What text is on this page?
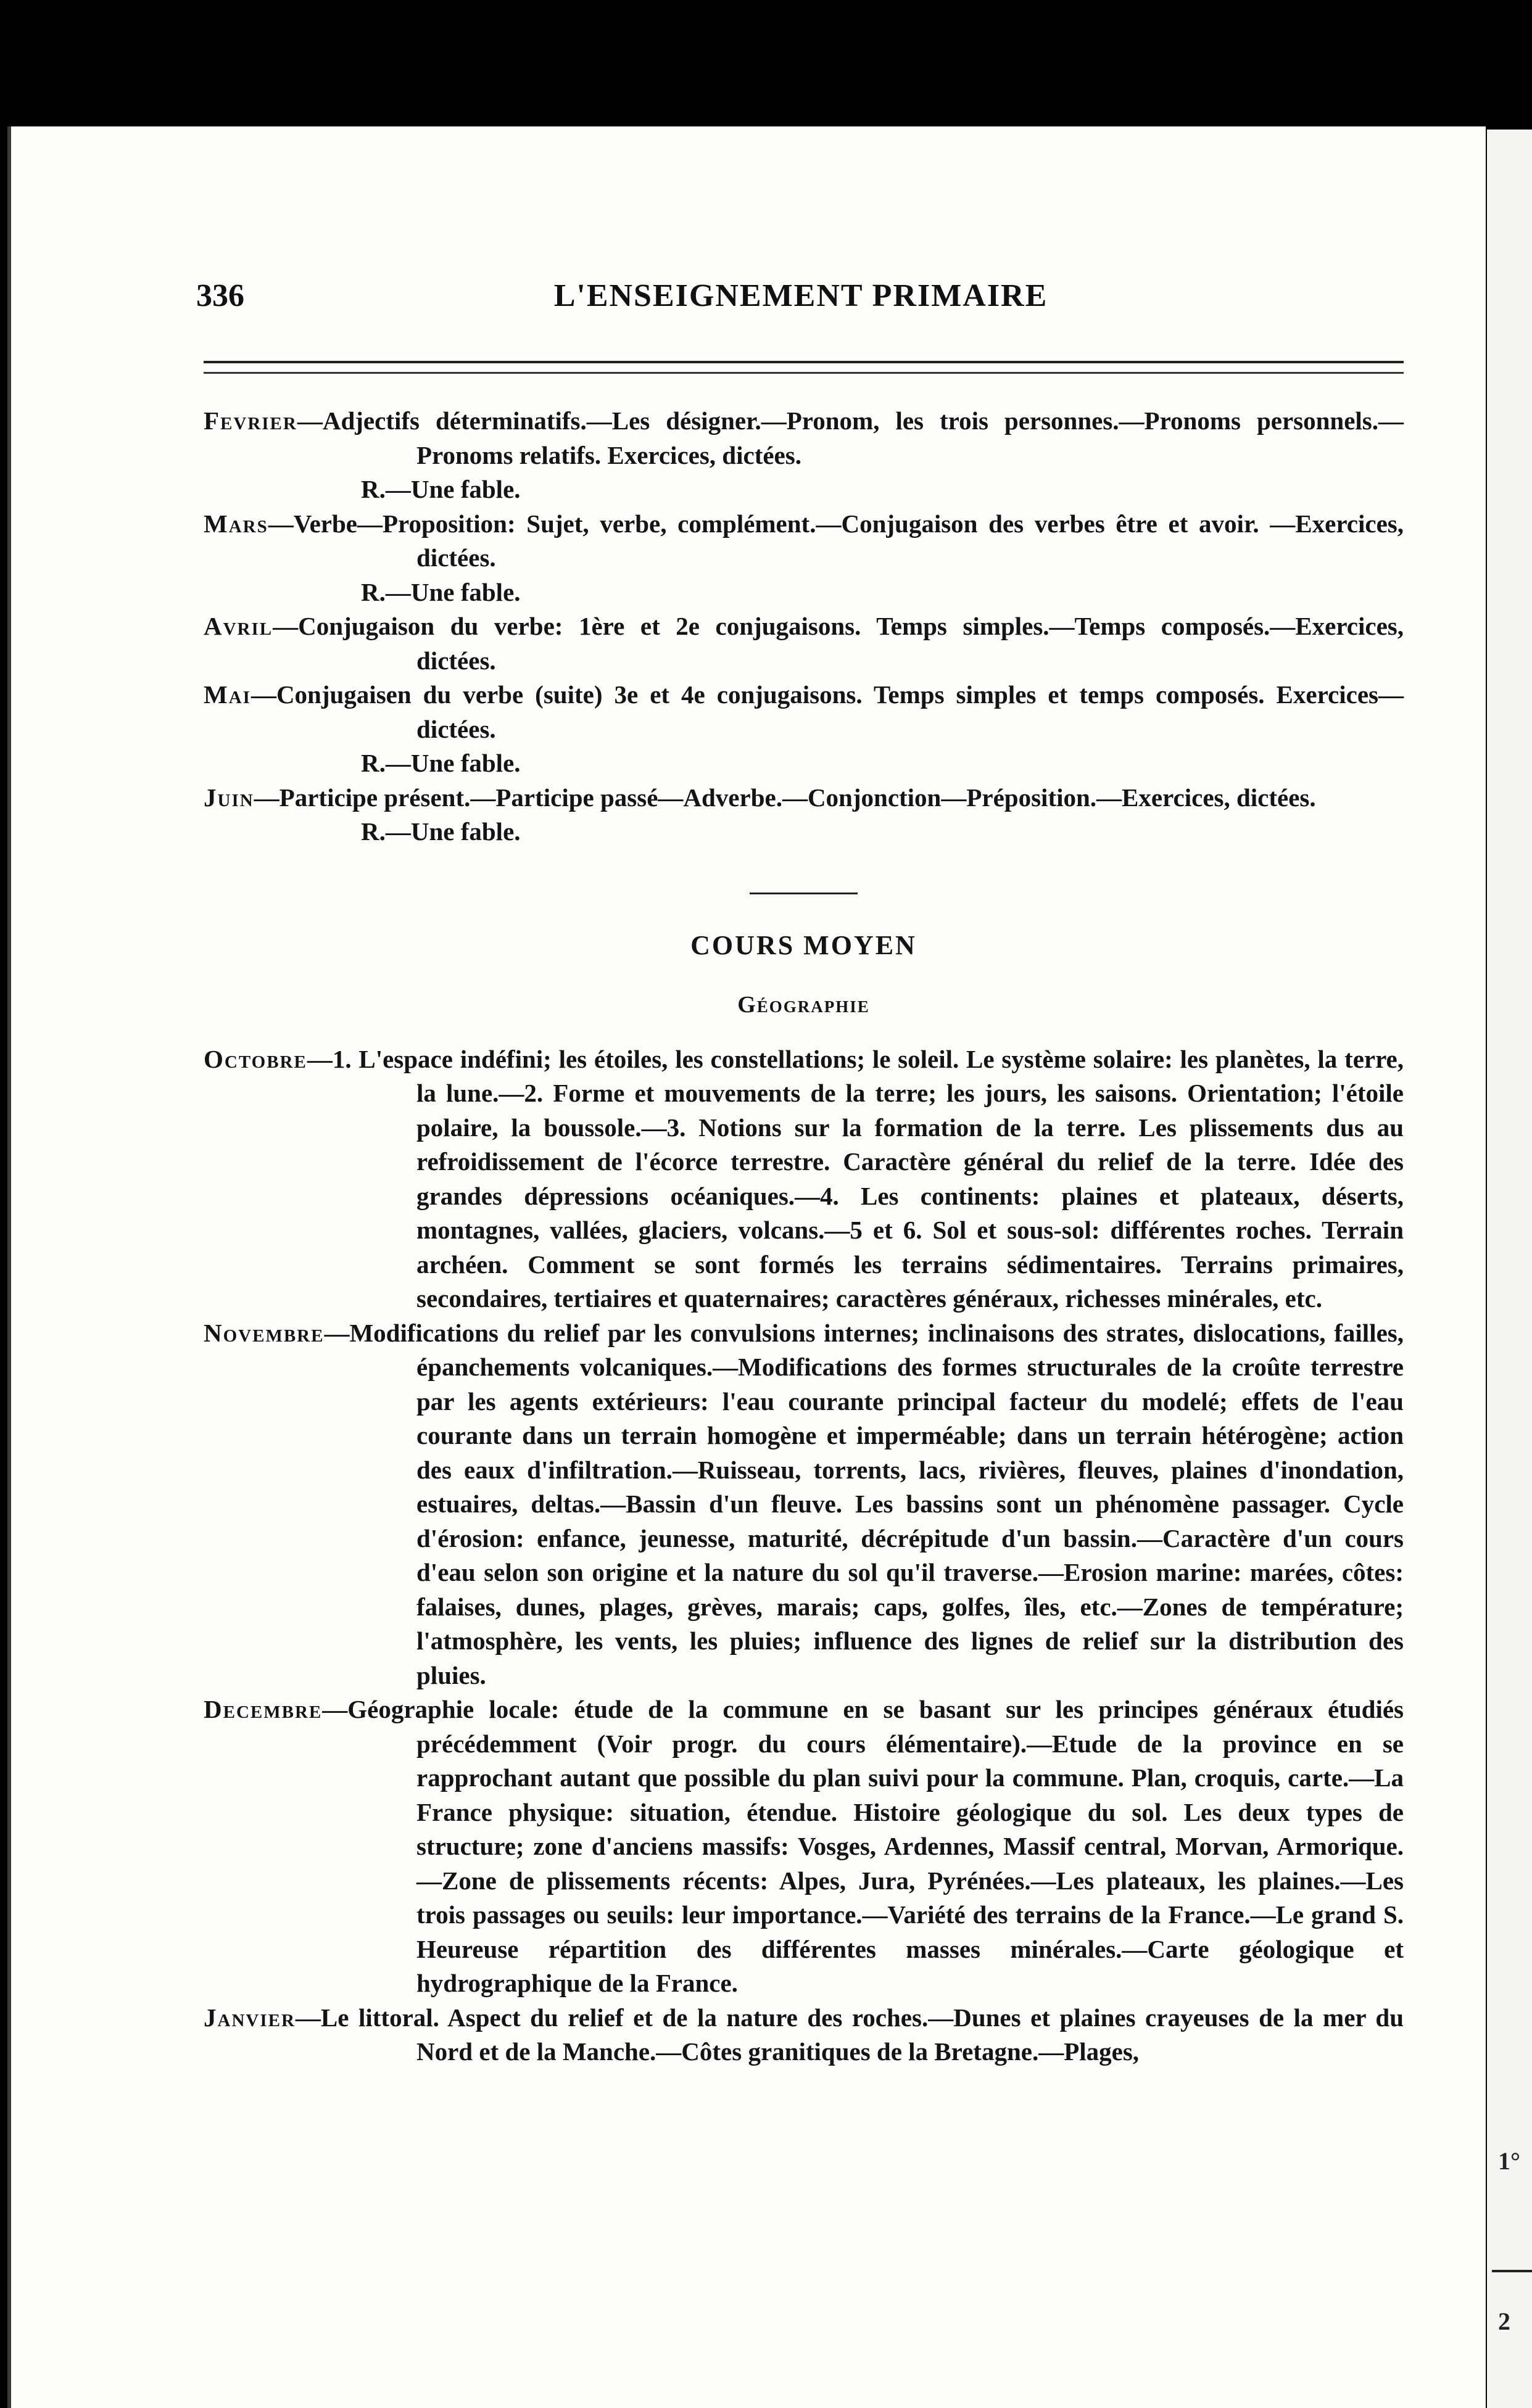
1°
2
336	L'ENSEIGNEMENT PRIMAIRE
Fevrier—Adjectifs déterminatifs.—Les désigner.—Pronom, les trois personnes.—Pronoms personnels.—Pronoms relatifs. Exercices, dictées.
R.—Une fable.
Mars—Verbe—Proposition: Sujet, verbe, complément.—Conjugaison des verbes être et avoir. —Exercices, dictées.
R.—Une fable.
Avril—Conjugaison du verbe: 1ère et 2e conjugaisons. Temps simples.—Temps composés.—Exercices, dictées.
Mai—Conjugaisen du verbe (suite) 3e et 4e conjugaisons. Temps simples et temps composés. Exercices—dictées.
R.—Une fable.
Juin—Participe présent.—Participe passé—Adverbe.—Conjonction—Préposition.—Exercices, dictées.
R.—Une fable.
COURS MOYEN
Géographie
Octobre—1. L'espace indéfini; les étoiles, les constellations; le soleil. Le système solaire: les planètes, la terre, la lune.—2. Forme et mouvements de la terre; les jours, les saisons. Orientation; l'étoile polaire, la boussole.—3. Notions sur la formation de la terre. Les plissements dus au refroidissement de l'écorce terrestre. Caractère général du relief de la terre. Idée des grandes dépressions océaniques.—4. Les continents: plaines et plateaux, déserts, montagnes, vallées, glaciers, volcans.—5 et 6. Sol et sous-sol: différentes roches. Terrain archéen. Comment se sont formés les terrains sédimentaires. Terrains primaires, secondaires, tertiaires et quaternaires; caractères généraux, richesses minérales, etc.
Novembre—Modifications du relief par les convulsions internes; inclinaisons des strates, dislocations, failles, épanchements volcaniques.—Modifications des formes structurales de la croûte terrestre par les agents extérieurs: l'eau courante principal facteur du modelé; effets de l'eau courante dans un terrain homogène et imperméable; dans un terrain hétérogène; action des eaux d'infiltration.—Ruisseau, torrents, lacs, rivières, fleuves, plaines d'inondation, estuaires, deltas.—Bassin d'un fleuve. Les bassins sont un phénomène passager. Cycle d'érosion: enfance, jeunesse, maturité, décrépitude d'un bassin.—Caractère d'un cours d'eau selon son origine et la nature du sol qu'il traverse.—Erosion marine: marées, côtes: falaises, dunes, plages, grèves, marais; caps, golfes, îles, etc.—Zones de température; l'atmosphère, les vents, les pluies; influence des lignes de relief sur la distribution des pluies.
Decembre—Géographie locale: étude de la commune en se basant sur les principes généraux étudiés précédemment (Voir progr. du cours élémentaire).—Etude de la province en se rapprochant autant que possible du plan suivi pour la commune. Plan, croquis, carte.—La France physique: situation, étendue. Histoire géologique du sol. Les deux types de structure; zone d'anciens massifs: Vosges, Ardennes, Massif central, Morvan, Armorique.—Zone de plissements récents: Alpes, Jura, Pyrénées.—Les plateaux, les plaines.—Les trois passages ou seuils: leur importance.—Variété des terrains de la France.—Le grand S. Heureuse répartition des différentes masses minérales.—Carte géologique et hydrographique de la France.
Janvier—Le littoral. Aspect du relief et de la nature des roches.—Dunes et plaines crayeuses de la mer du Nord et de la Manche.—Côtes granitiques de la Bretagne.—Plages,
